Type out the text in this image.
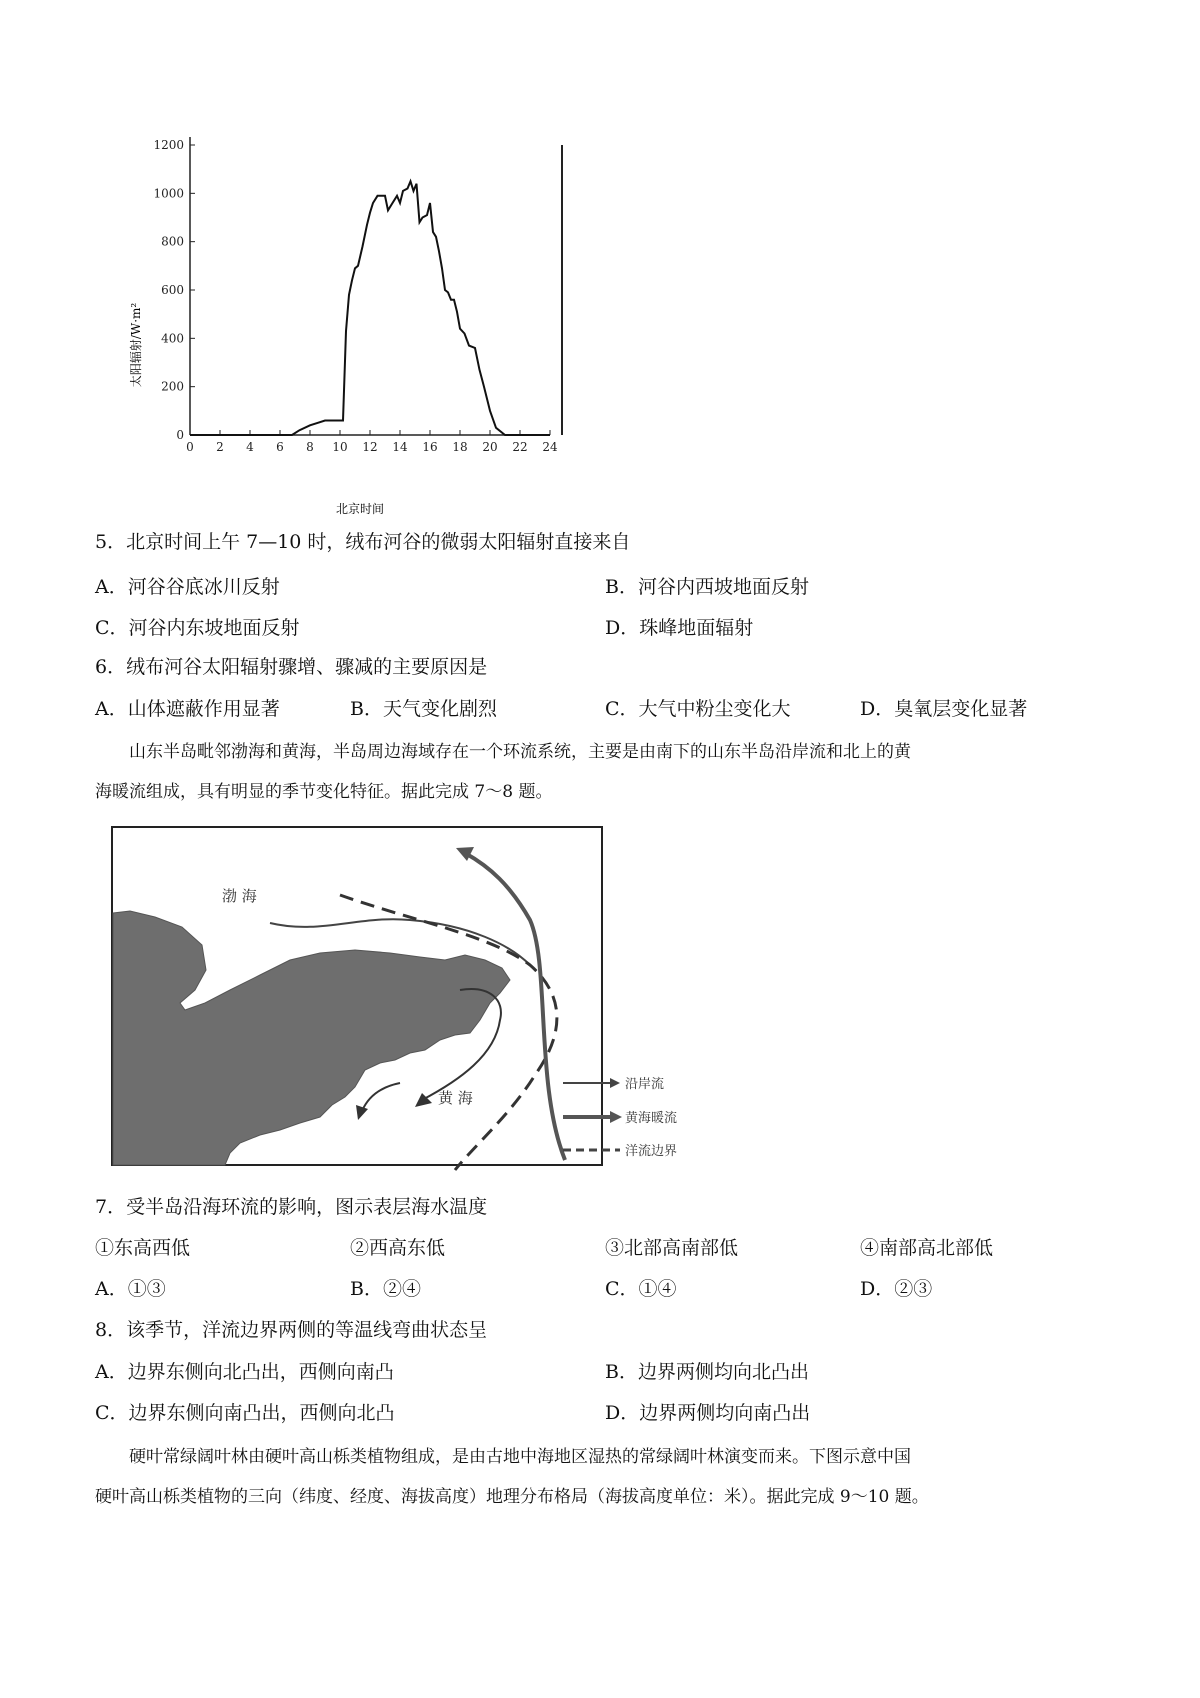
0 2 4 6 8 10 12 14 16 18 20 22 24
0
200
400
600
800
1000
1200
太阳辐射/W·m²
北京时间
5．北京时间上午 7—10 时，绒布河谷的微弱太阳辐射直接来自
A．河谷谷底冰川反射	B．河谷内西坡地面反射
C．河谷内东坡地面反射	D．珠峰地面辐射
6．绒布河谷太阳辐射骤增、骤减的主要原因是
A．山体遮蔽作用显著	B．天气变化剧烈	C．大气中粉尘变化大	D．臭氧层变化显著
山东半岛毗邻渤海和黄海，半岛周边海域存在一个环流系统，主要是由南下的山东半岛沿岸流和北上的黄
海暖流组成，具有明显的季节变化特征。据此完成 7～8 题。
渤 海
黄 海
沿岸流
黄海暖流
洋流边界
7．受半岛沿海环流的影响，图示表层海水温度
①东高西低	②西高东低	③北部高南部低	④南部高北部低
A．①③	B．②④	C．①④	D．②③
8．该季节，洋流边界两侧的等温线弯曲状态呈
A．边界东侧向北凸出，西侧向南凸	B．边界两侧均向北凸出
C．边界东侧向南凸出，西侧向北凸	D．边界两侧均向南凸出
硬叶常绿阔叶林由硬叶高山栎类植物组成，是由古地中海地区湿热的常绿阔叶林演变而来。下图示意中国
硬叶高山栎类植物的三向（纬度、经度、海拔高度）地理分布格局（海拔高度单位：米）。据此完成 9～10 题。
